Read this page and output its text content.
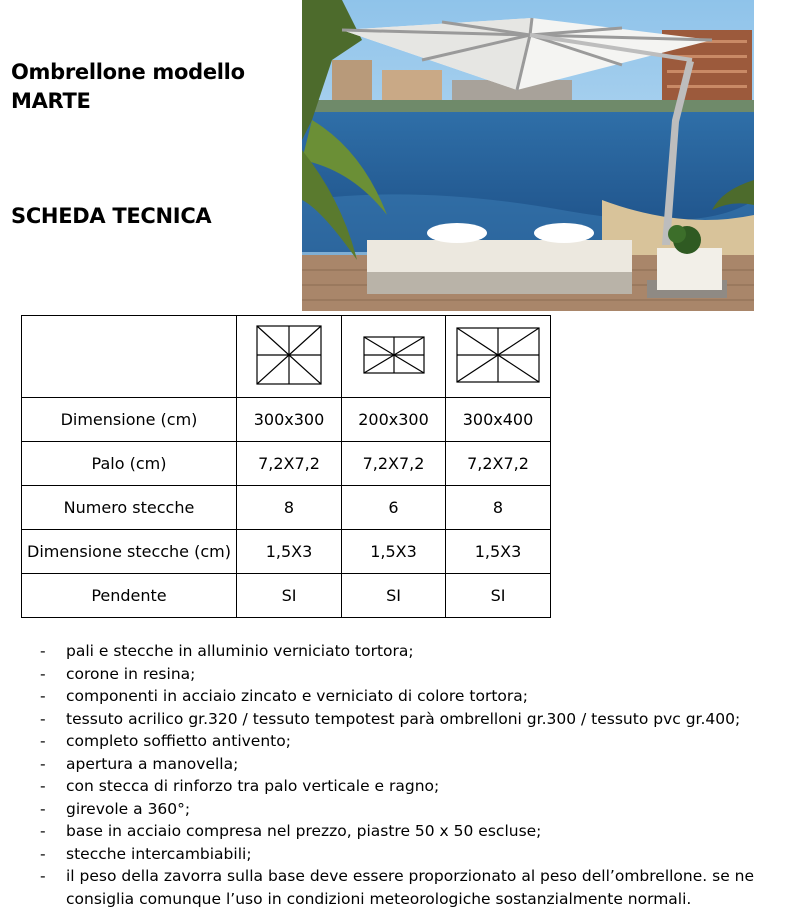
Ombrellone modello
MARTE
SCHEDA TECNICA

Dimensione (cm)	300x300	200x300	300x400
Palo (cm)	7,2X7,2	7,2X7,2	7,2X7,2
Numero stecche	8	6	8
Dimensione stecche (cm)	1,5X3	1,5X3	1,5X3
Pendente	SI	SI	SI
- pali e stecche in alluminio verniciato tortora;
- corone in resina;
- componenti in acciaio zincato e verniciato di colore tortora;
- tessuto acrilico gr.320 / tessuto tempotest parà ombrelloni gr.300 / tessuto pvc gr.400;
- completo soffietto antivento;
- apertura a manovella;
- con stecca di rinforzo tra palo verticale e ragno;
- girevole a 360°;
- base in acciaio compresa nel prezzo, piastre 50 x 50 escluse;
- stecche intercambiabili;
- il peso della zavorra sulla base deve essere proporzionato al peso dell’ombrellone. se ne consiglia comunque l’uso in condizioni meteorologiche sostanzialmente normali.
